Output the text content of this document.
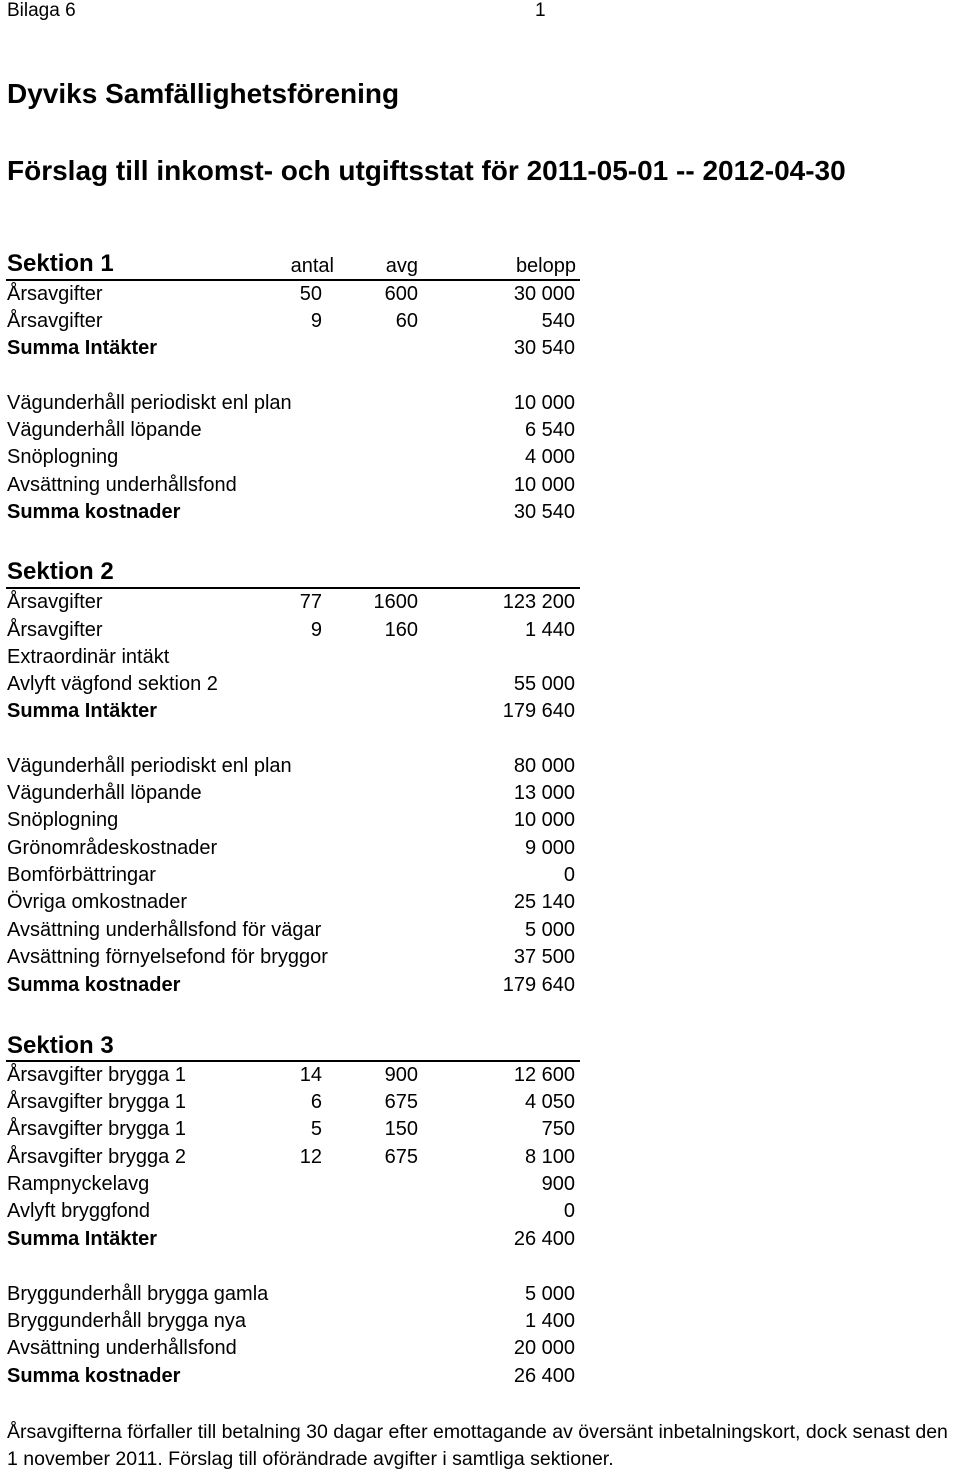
Bilaga 6	1
Dyviks Samfällighetsförening
Förslag till inkomst- och utgiftsstat för 2011-05-01 -- 2012-04-30
Sektion 1	antal	avg	belopp
Årsavgifter	50	600	30 000
Årsavgifter	9	60	540
Summa Intäkter	30 540
Vägunderhåll periodiskt enl plan	10 000
Vägunderhåll löpande	6 540
Snöplogning	4 000
Avsättning underhållsfond	10 000
Summa kostnader	30 540
Sektion 2
Årsavgifter	77	1600	123 200
Årsavgifter	9	160	1 440
Extraordinär intäkt
Avlyft vägfond sektion 2	55 000
Summa Intäkter	179 640
Vägunderhåll periodiskt enl plan	80 000
Vägunderhåll löpande	13 000
Snöplogning	10 000
Grönområdeskostnader	9 000
Bomförbättringar	0
Övriga omkostnader	25 140
Avsättning underhållsfond för vägar	5 000
Avsättning förnyelsefond för bryggor	37 500
Summa kostnader	179 640
Sektion 3
Årsavgifter brygga 1	14	900	12 600
Årsavgifter brygga 1	6	675	4 050
Årsavgifter brygga 1	5	150	750
Årsavgifter brygga 2	12	675	8 100
Rampnyckelavg	900
Avlyft bryggfond	0
Summa Intäkter	26 400
Bryggunderhåll brygga gamla	5 000
Bryggunderhåll brygga nya	1 400
Avsättning underhållsfond	20 000
Summa kostnader	26 400
Årsavgifterna förfaller till betalning 30 dagar efter emottagande av översänt inbetalningskort, dock senast den 1 november 2011. Förslag till oförändrade avgifter i samtliga sektioner.
